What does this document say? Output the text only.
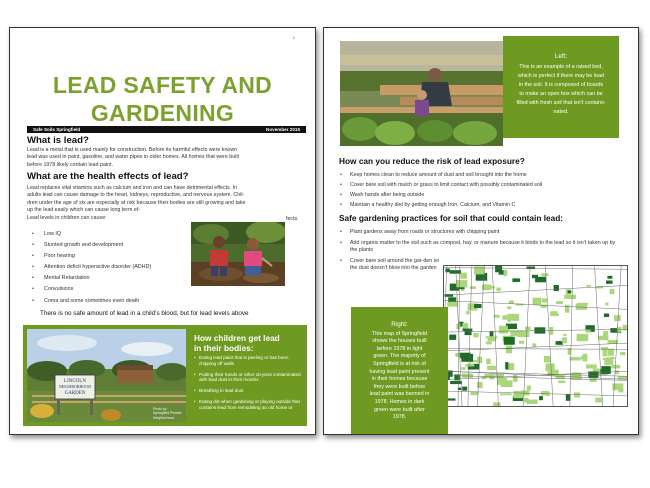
1
LEAD SAFETY AND
GARDENING
Safe Soils Springfield	November 2015
What is lead?
Lead is a metal that is used mainly for construction. Before its harmful effects were known
lead was used in paint, gasoline, and water pipes in older homes. All homes that were built
before 1978 likely contain lead paint.
What are the health effects of lead?
Lead replaces vital vitamins such as calcium and iron and can have detrimental effects. In
adults lead can cause damage to the heart, kidneys, reproductive, and nervous system. Chil-
dren under the age of six are especially at risk because their bodies are still growing and take
up the lead easily which can cause long term ef-
Lead levels in children can cause:	fects.
• Low IQ
• Stunted growth and development
• Poor hearing
• Attention deficit hyperactive disorder (ADHD)
• Mental Retardation
• Convulsions
• Coma and some sometimes even death
There is no safe amount of lead in a child’s blood, but for lead levels above
LINCOLN
NEIGHBORHOOD
GARDEN
Photo by
Springfield Pioneer Neighborhood
How children get lead
in their bodies:
• Eating lead paint that is peeling or has been chipping off walls
• Putting their hands or other ob-jects contaminated with lead dust in their mouths
• Breathing in lead dust
• Eating dirt when gardening or playing outside that contains lead from remodeling an old home or
Left:
This is an example of a raised bed,
which is perfect if there may be lead
in the soil. It is composed of boards
to make an open box which can be
filled with fresh soil that isn’t contami-
nated.
How can you reduce the risk of lead exposure?
• Keep homes clean to reduce amount of dust and soil brought into the home
• Cover bare soil with mulch or grass to limit contact with possibly contaminated soil
• Wash hands after being outside
• Maintain a healthy diet by getting enough Iron, Calcium, and Vitamin C
Safe gardening practices for soil that could contain lead:
• Plant gardens away from roads or structures with chipping paint
• Add organic matter to the soil such as compost, hay, or manure because it binds to the lead so it isn’t taken up by the plants
• Cover bare soil around the gar-den so the dust doesn’t blow into the garden
Right:
This map of Springfield
shows the houses built
before 1978 in light
green. The majority of
Springfield is at risk of
having lead paint present
in their homes because
they were built before
lead paint was banned in
1978. Homes in dark
green were built after
1978.
